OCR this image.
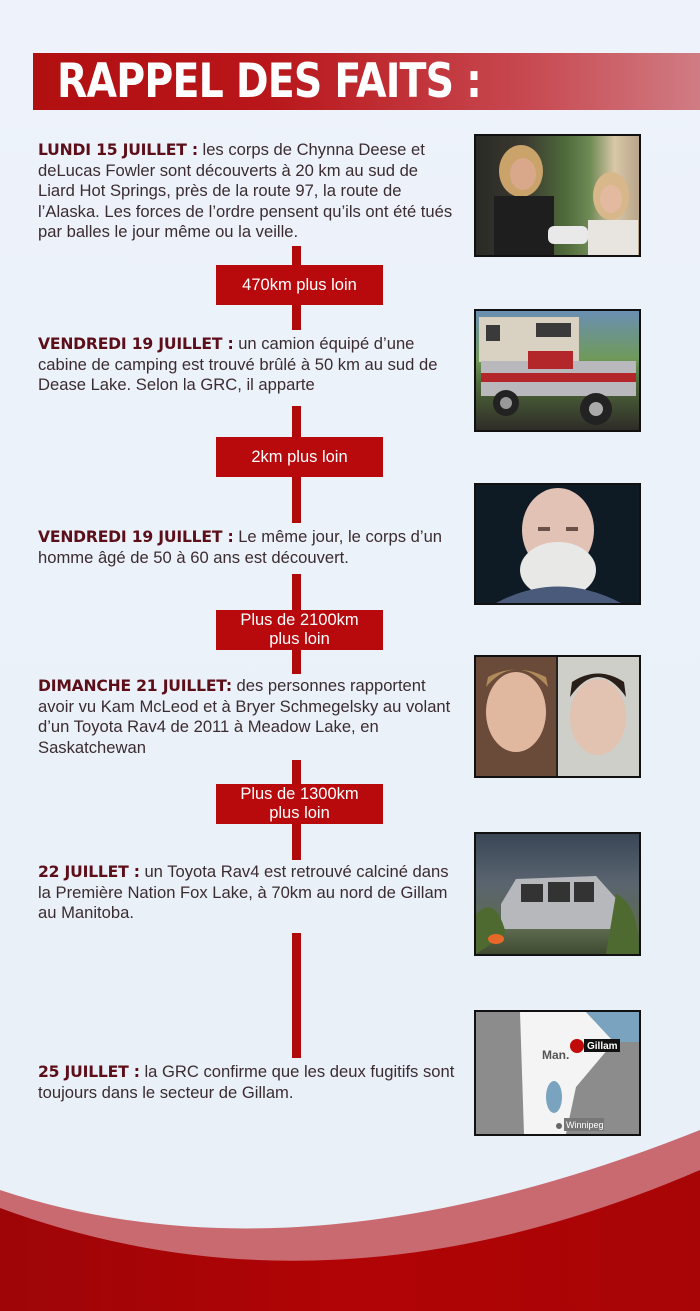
RAPPEL DES FAITS :
470km plus loin
2km plus loin
Plus de 2100km
plus loin
Plus de 1300km
plus loin
LUNDI 15 JUILLET : les corps de Chynna Deese et deLucas Fowler sont découverts à 20 km au sud de Liard Hot Springs, près de la route 97, la route de l’Alaska. Les forces de l’ordre pensent qu’ils ont été tués par balles le jour même ou la veille.
VENDREDI 19 JUILLET : un camion équipé d’une cabine de camping est trouvé brûlé à 50 km au sud de Dease Lake. Selon la GRC, il apparte
VENDREDI 19 JUILLET : Le même jour, le corps d’un homme âgé de 50 à 60 ans est découvert.
DIMANCHE 21 JUILLET: des personnes rapportent avoir vu Kam McLeod et à Bryer Schmegelsky au volant d’un Toyota Rav4 de 2011 à Meadow Lake, en Saskatchewan
22 JUILLET : un Toyota Rav4 est retrouvé calciné dans la Première Nation Fox Lake, à 70km au nord de Gillam au Manitoba.
25 JUILLET : la GRC confirme que les deux fugitifs sont toujours dans le secteur de Gillam.
Man.
Gillam
Winnipeg
